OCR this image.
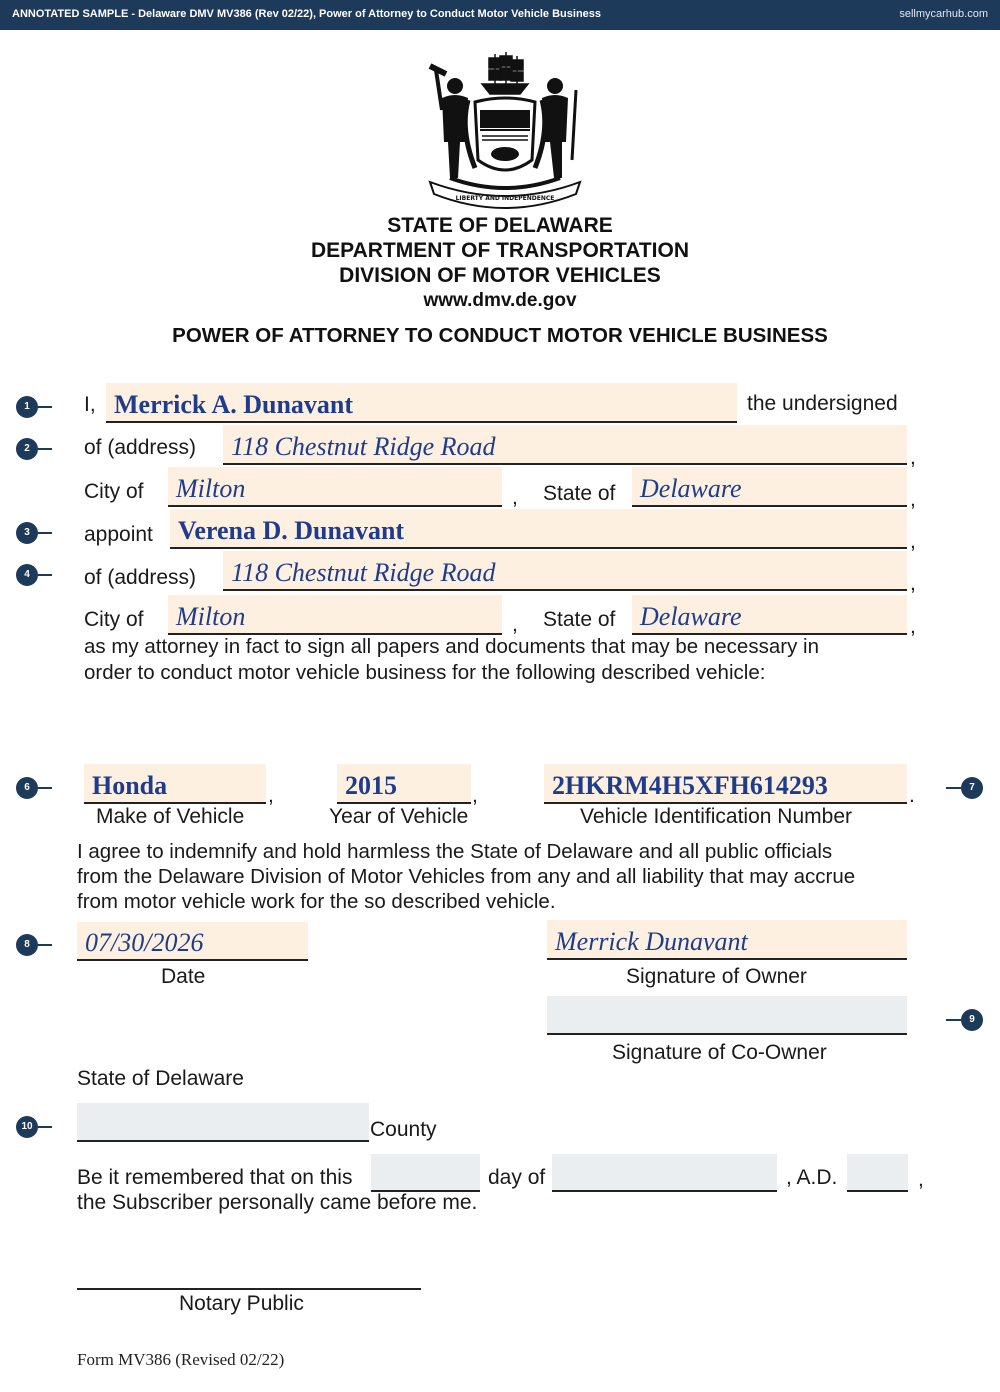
ANNOTATED SAMPLE - Delaware DMV MV386 (Rev 02/22), Power of Attorney to Conduct Motor Vehicle Business	sellmycarhub.com
LIBERTY AND INDEPENDENCE
STATE OF DELAWARE
DEPARTMENT OF TRANSPORTATION
DIVISION OF MOTOR VEHICLES
www.dmv.de.gov
POWER OF ATTORNEY TO CONDUCT MOTOR VEHICLE BUSINESS
1
2
3
4
6	7
8
9
10
I, Merrick A. Dunavant	the undersigned
of (address) 118 Chestnut Ridge Road	,
City of Milton	, State of Delaware	,
appoint Verena D. Dunavant	,
of (address) 118 Chestnut Ridge Road	,
City of Milton	, State of Delaware	,
as my attorney in fact to sign all papers and documents that may be necessary in
order to conduct motor vehicle business for the following described vehicle:
Honda	,	2015	,	2HKRM4H5XFH614293	.
Make of Vehicle	Year of Vehicle	Vehicle Identification Number
I agree to indemnify and hold harmless the State of Delaware and all public officials
from the Delaware Division of Motor Vehicles from any and all liability that may accrue
from motor vehicle work for the so described vehicle.
07/30/2026
Date
Merrick Dunavant
Signature of Owner
Signature of Co-Owner
State of Delaware
County
Be it remembered that on this	day of	, A.D.	,
the Subscriber personally came before me.
Notary Public
Form MV386 (Revised 02/22)
